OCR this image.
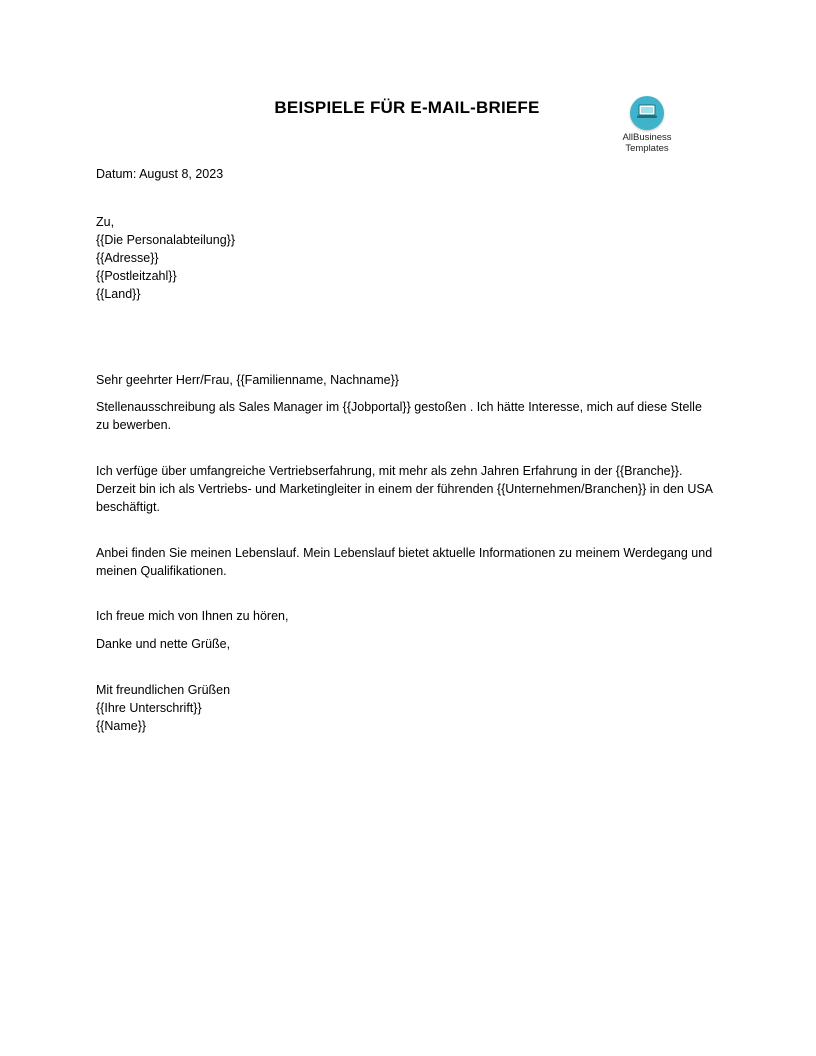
BEISPIELE FÜR E-MAIL-BRIEFE
AllBusiness
Templates
Datum: August 8, 2023
Zu,
{{Die Personalabteilung}}
{{Adresse}}
{{Postleitzahl}}
{{Land}}
Sehr geehrter Herr/Frau, {{Familienname, Nachname}}
Stellenausschreibung als Sales Manager im {{Jobportal}} gestoßen . Ich hätte Interesse, mich auf diese Stelle zu bewerben.
Ich verfüge über umfangreiche Vertriebserfahrung, mit mehr als zehn Jahren Erfahrung in der {{Branche}}. Derzeit bin ich als Vertriebs- und Marketingleiter in einem der führenden {{Unternehmen/Branchen}} in den USA beschäftigt.
Anbei finden Sie meinen Lebenslauf. Mein Lebenslauf bietet aktuelle Informationen zu meinem Werdegang und meinen Qualifikationen.
Ich freue mich von Ihnen zu hören,
Danke und nette Grüße,
Mit freundlichen Grüßen
{{Ihre Unterschrift}}
{{Name}}
